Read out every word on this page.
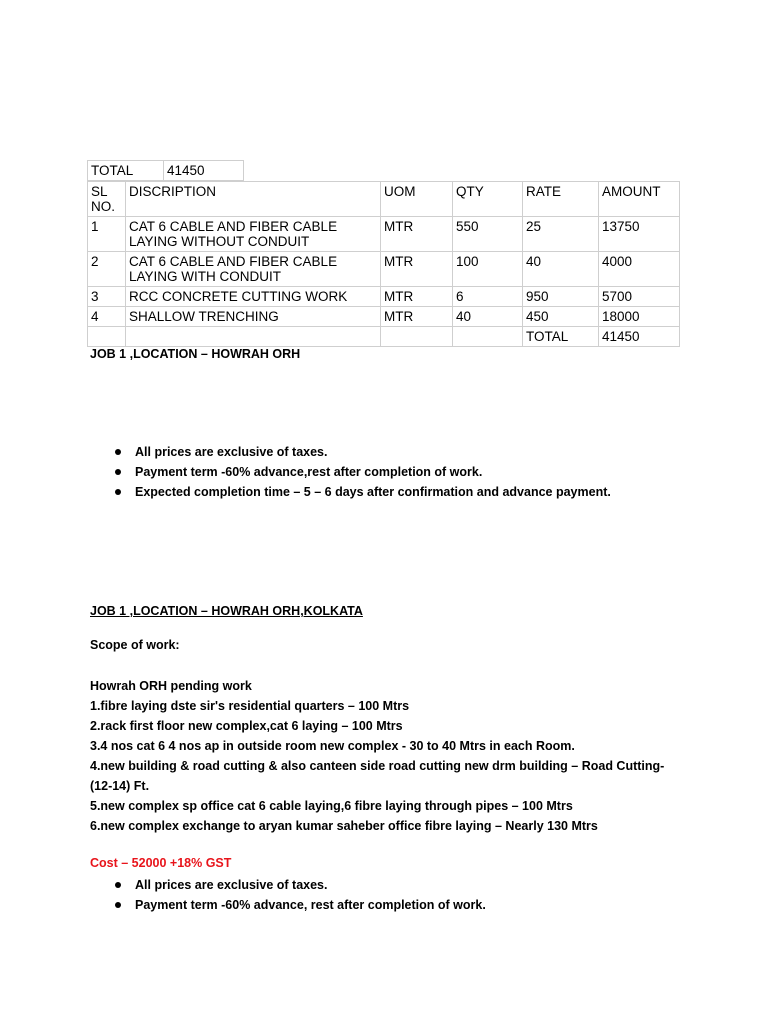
TOTAL	41450
SL NO.	DISCRIPTION	UOM	QTY	RATE	AMOUNT
1	CAT 6 CABLE AND FIBER CABLE LAYING WITHOUT CONDUIT	MTR	550	25	13750
2	CAT 6 CABLE AND FIBER CABLE LAYING WITH CONDUIT	MTR	100	40	4000
3	RCC CONCRETE CUTTING WORK	MTR	6	950	5700
4	SHALLOW TRENCHING	MTR	40	450	18000
				TOTAL	41450
JOB 1 ,LOCATION – HOWRAH ORH
All prices are exclusive of taxes.
Payment term -60% advance,rest after completion of work.
Expected completion time – 5 – 6 days after confirmation and advance payment.
JOB 1 ,LOCATION – HOWRAH ORH,KOLKATA
Scope of work:
Howrah ORH pending work
1.fibre laying dste sir's residential quarters – 100 Mtrs
2.rack first floor new complex,cat 6 laying – 100 Mtrs
3.4 nos cat 6 4 nos ap in outside room new complex - 30 to 40 Mtrs in each Room.
4.new building & road cutting & also canteen side road cutting new drm building – Road Cutting-(12-14) Ft.
5.new complex sp office cat 6 cable laying,6 fibre laying through pipes – 100 Mtrs
6.new complex exchange to aryan kumar saheber office fibre laying – Nearly 130 Mtrs
Cost – 52000 +18% GST
All prices are exclusive of taxes.
Payment term -60% advance, rest after completion of work.
